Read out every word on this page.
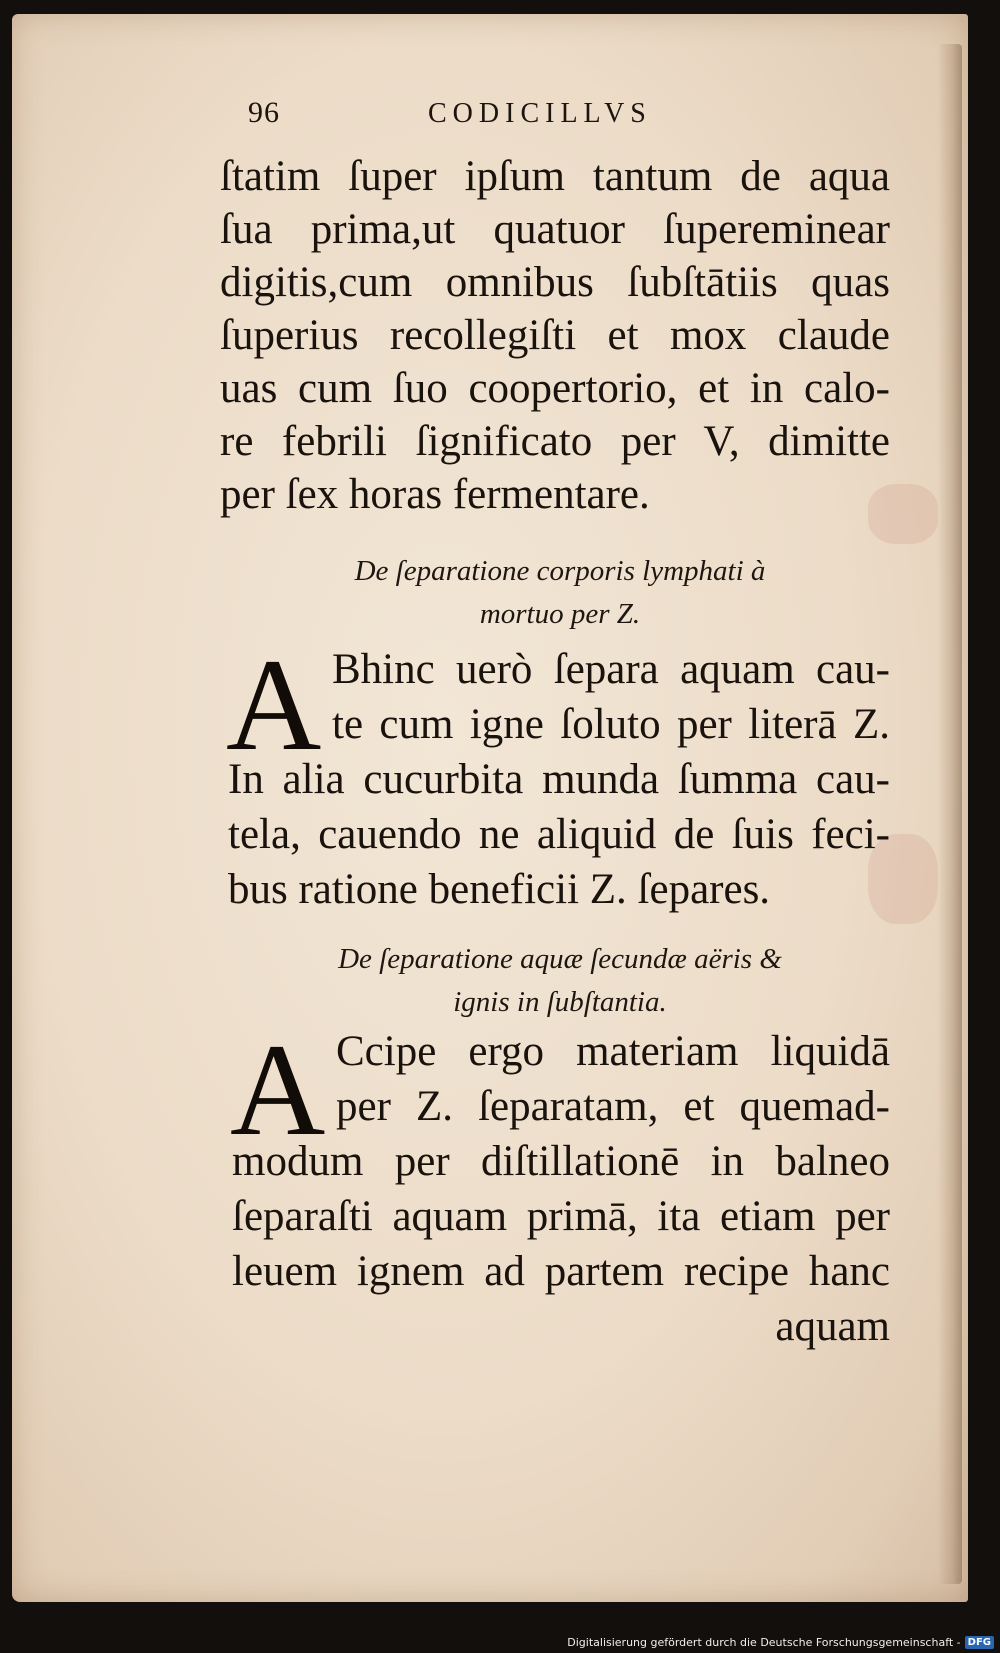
96	CODICILLVS
ſtatim ſuper ipſum tantum de aqua
ſua prima,ut quatuor ſupereminear
digitis,cum omnibus ſubſtātiis quas
ſuperius recollegiſti et mox claude
uas cum ſuo coopertorio, et in calo-
re febrili ſignificato per V, dimitte
per ſex horas fermentare.
De ſeparatione corporis lymphati à
mortuo per Z.
A Bhinc uerò ſepara aquam cau-
te cum igne ſoluto per literā Z.
In alia cucurbita munda ſumma cau-
tela, cauendo ne aliquid de ſuis feci-
bus ratione beneficii Z. ſepares.
De ſeparatione aquæ ſecundæ aëris &
ignis in ſubſtantia.
A Ccipe ergo materiam liquidā
per Z. ſeparatam, et quemad-
modum per diſtillationē in balneo
ſeparaſti aquam primā, ita etiam per
leuem ignem ad partem recipe hanc
aquam
Digitalisierung gefördert durch die Deutsche Forschungsgemeinschaft - DFG
